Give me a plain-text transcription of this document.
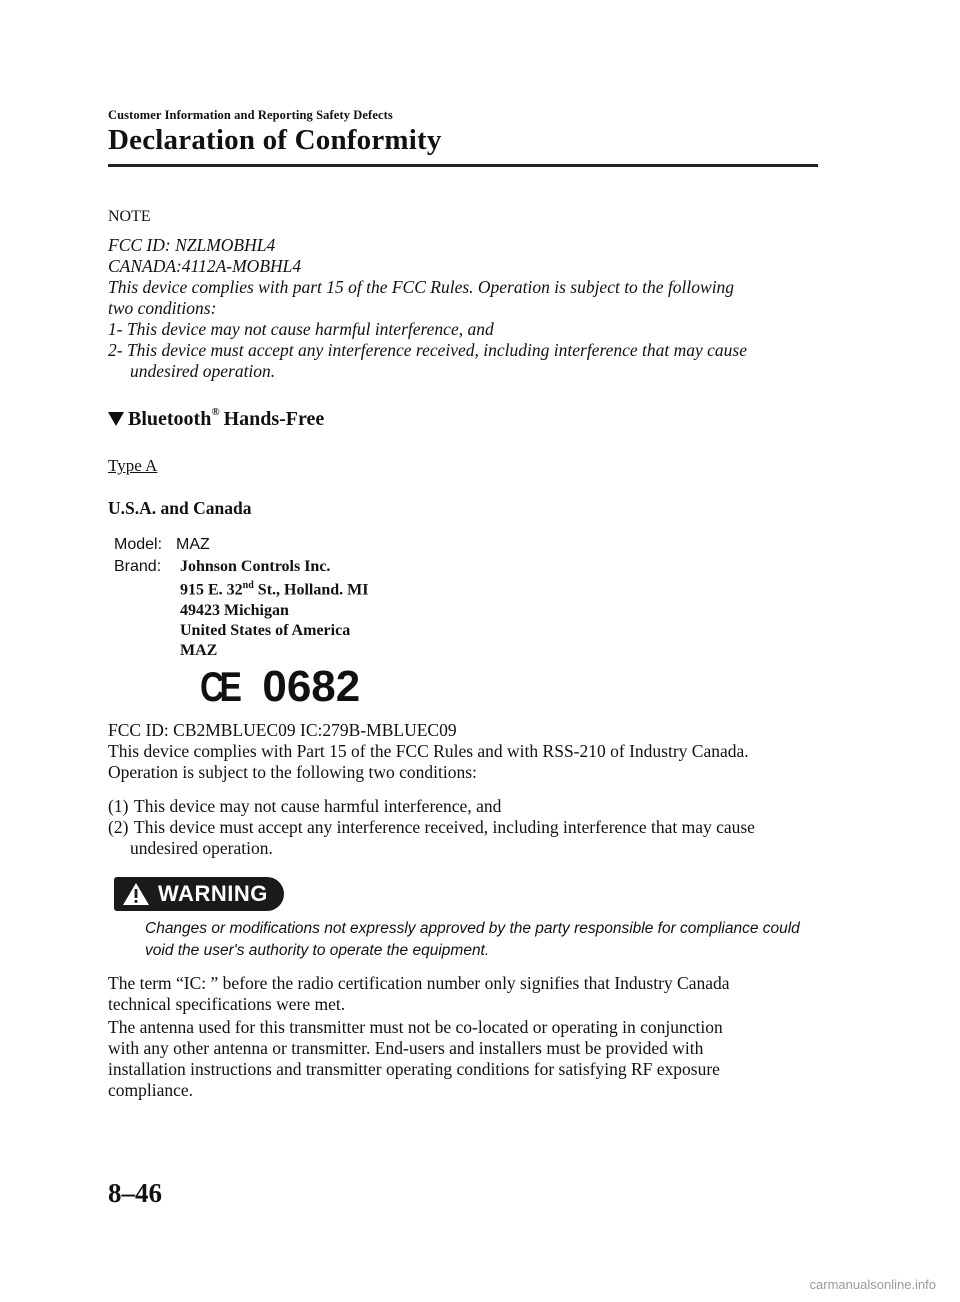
Customer Information and Reporting Safety Defects
Declaration of Conformity
NOTE
FCC ID: NZLMOBHL4
CANADA:4112A-MOBHL4
This device complies with part 15 of the FCC Rules. Operation is subject to the following
two conditions:
1- This device may not cause harmful interference, and
2- This device must accept any interference received, including interference that may cause
undesired operation.
Bluetooth® Hands-Free
Type A
U.S.A. and Canada
Model: MAZ
Brand: Johnson Controls Inc.
915 E. 32nd St., Holland. MI
49423 Michigan
United States of America
MAZ
CE 0682
FCC ID: CB2MBLUEC09 IC:279B-MBLUEC09
This device complies with Part 15 of the FCC Rules and with RSS-210 of Industry Canada.
Operation is subject to the following two conditions:
(1) This device may not cause harmful interference, and
(2) This device must accept any interference received, including interference that may cause
undesired operation.
WARNING
Changes or modifications not expressly approved by the party responsible for compliance could void the user's authority to operate the equipment.
The term “IC: ” before the radio certification number only signifies that Industry Canada
technical specifications were met.
The antenna used for this transmitter must not be co-located or operating in conjunction
with any other antenna or transmitter. End-users and installers must be provided with
installation instructions and transmitter operating conditions for satisfying RF exposure
compliance.
8–46
carmanualsonline.info
